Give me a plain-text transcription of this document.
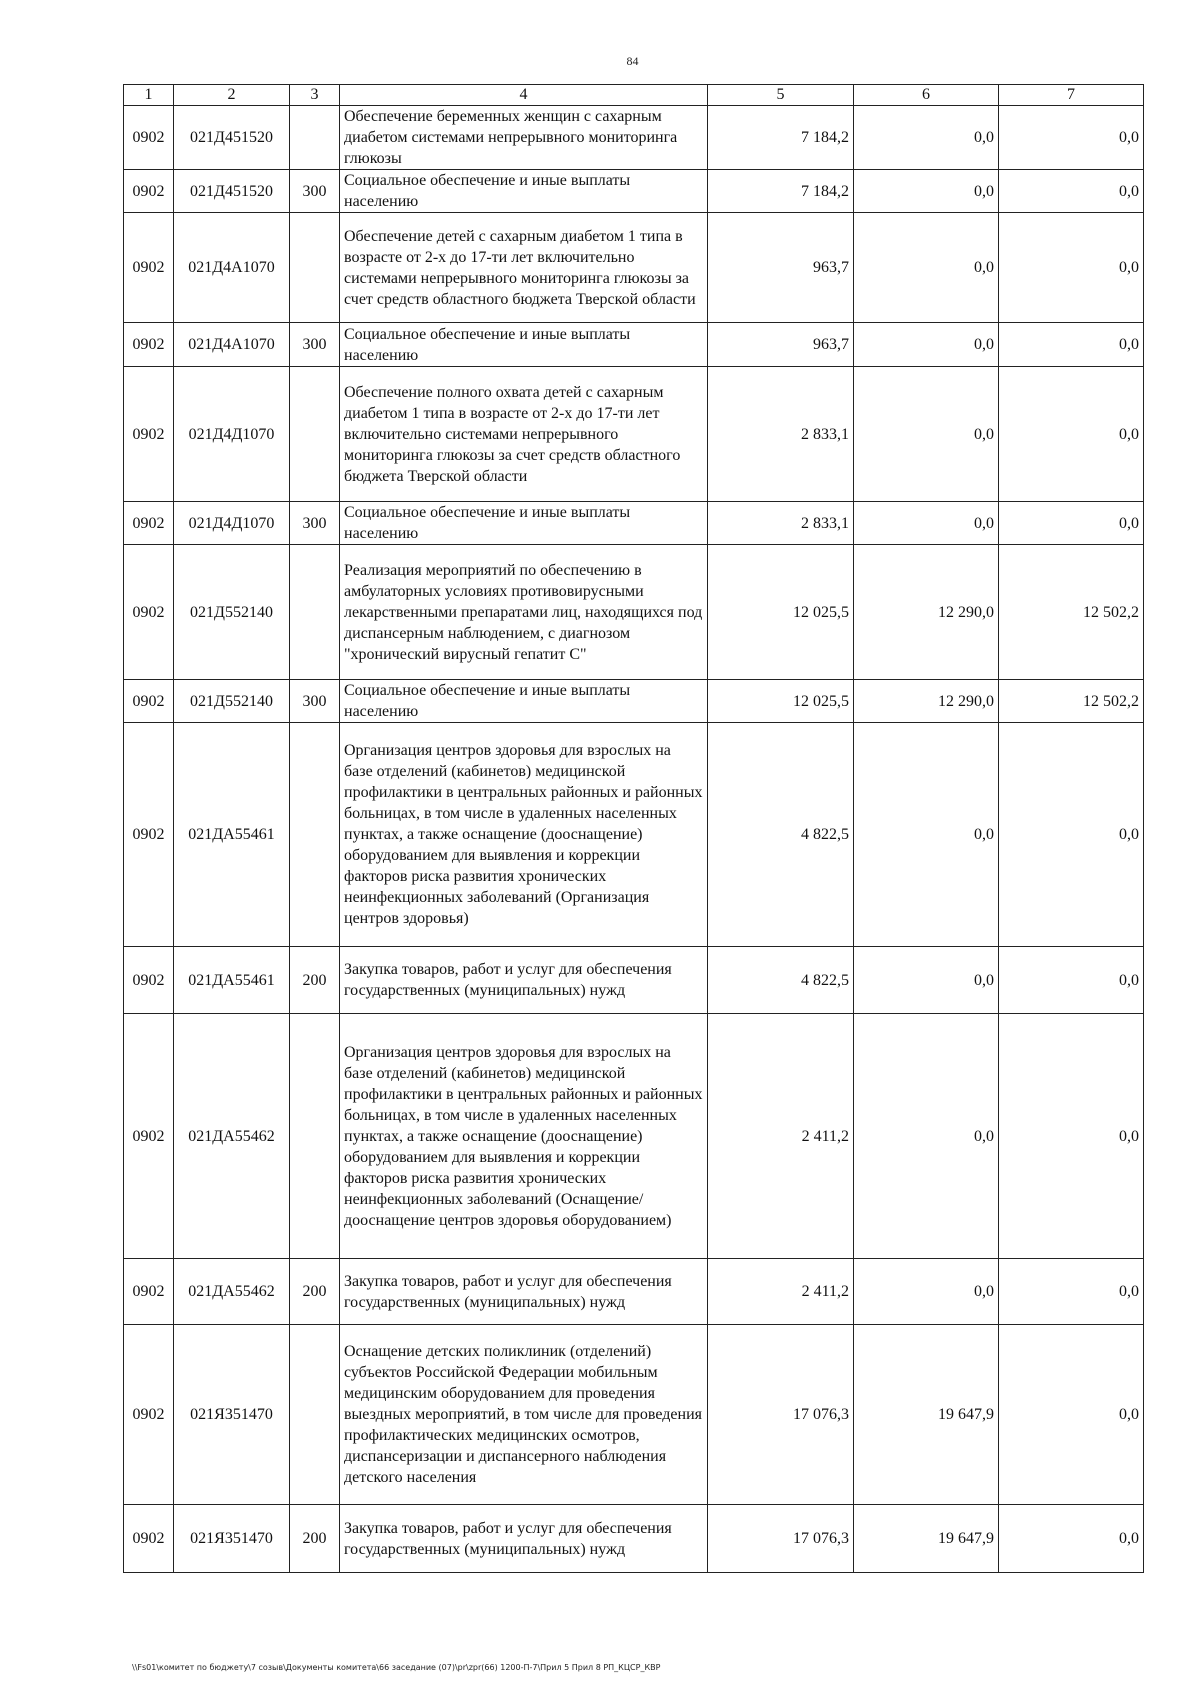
84
1	2	3	4	5	6	7
0902	021Д451520		Обеспечение беременных женщин с сахарным диабетом системами непрерывного мониторинга глюкозы	7 184,2	0,0	0,0
0902	021Д451520	300	Социальное обеспечение и иные выплаты населению	7 184,2	0,0	0,0
0902	021Д4А1070		Обеспечение детей с сахарным диабетом 1 типа в возрасте от 2-х до 17-ти лет включительно системами непрерывного мониторинга глюкозы за счет средств областного бюджета Тверской области	963,7	0,0	0,0
0902	021Д4А1070	300	Социальное обеспечение и иные выплаты населению	963,7	0,0	0,0
0902	021Д4Д1070		Обеспечение полного охвата детей с сахарным диабетом 1 типа в возрасте от 2-х до 17-ти лет включительно системами непрерывного мониторинга глюкозы за счет средств областного бюджета Тверской области	2 833,1	0,0	0,0
0902	021Д4Д1070	300	Социальное обеспечение и иные выплаты населению	2 833,1	0,0	0,0
0902	021Д552140		Реализация мероприятий по обеспечению в амбулаторных условиях противовирусными лекарственными препаратами лиц, находящихся под диспансерным наблюдением, с диагнозом "хронический вирусный гепатит С"	12 025,5	12 290,0	12 502,2
0902	021Д552140	300	Социальное обеспечение и иные выплаты населению	12 025,5	12 290,0	12 502,2
0902	021ДА55461		Организация центров здоровья для взрослых на базе отделений (кабинетов) медицинской профилактики в центральных районных и районных больницах, в том числе в удаленных населенных пунктах, а также оснащение (дооснащение) оборудованием для выявления и коррекции факторов риска развития хронических неинфекционных заболеваний (Организация центров здоровья)	4 822,5	0,0	0,0
0902	021ДА55461	200	Закупка товаров, работ и услуг для обеспечения государственных (муниципальных) нужд	4 822,5	0,0	0,0
0902	021ДА55462		Организация центров здоровья для взрослых на базе отделений (кабинетов) медицинской профилактики в центральных районных и районных больницах, в том числе в удаленных населенных пунктах, а также оснащение (дооснащение) оборудованием для выявления и коррекции факторов риска развития хронических неинфекционных заболеваний (Оснащение/дооснащение центров здоровья оборудованием)	2 411,2	0,0	0,0
0902	021ДА55462	200	Закупка товаров, работ и услуг для обеспечения государственных (муниципальных) нужд	2 411,2	0,0	0,0
0902	021Я351470		Оснащение детских поликлиник (отделений) субъектов Российской Федерации мобильным медицинским оборудованием для проведения выездных мероприятий, в том числе для проведения профилактических медицинских осмотров, диспансеризации и диспансерного наблюдения детского населения	17 076,3	19 647,9	0,0
0902	021Я351470	200	Закупка товаров, работ и услуг для обеспечения государственных (муниципальных) нужд	17 076,3	19 647,9	0,0
\\Fs01\комитет по бюджету\7 созыв\Документы комитета\66 заседание (07)\pr\zpr(66) 1200-П-7\Прил 5 Прил 8 РП_КЦСР_КВР
